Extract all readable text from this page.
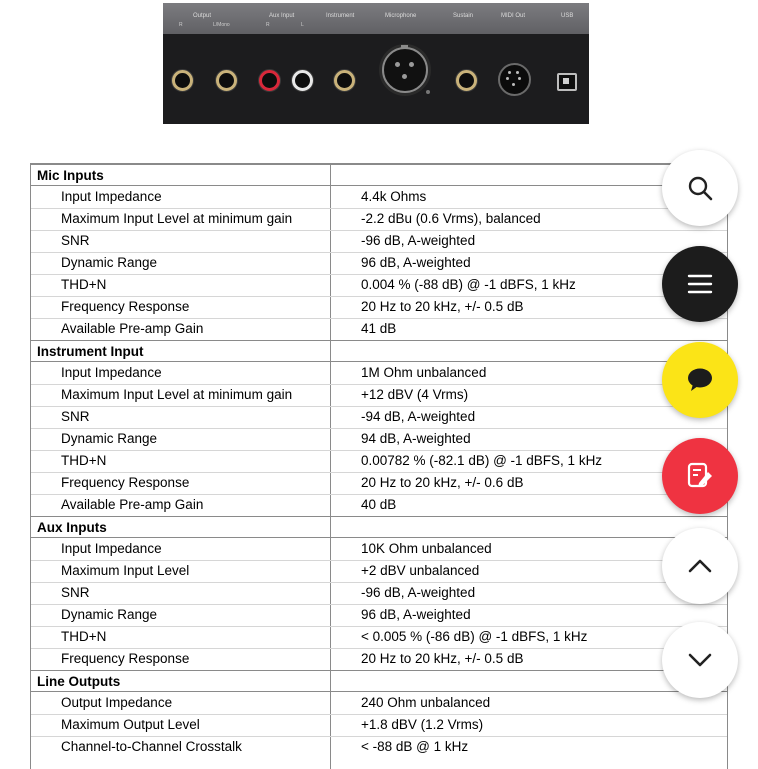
Output
R	L/Mono
Aux Input
R	L
Instrument	Microphone	Sustain	MIDI Out	USB
Mic Inputs
Input Impedance	4.4k Ohms
Maximum Input Level at minimum gain	-2.2 dBu (0.6 Vrms), balanced
SNR	-96 dB, A-weighted
Dynamic Range	96 dB, A-weighted
THD+N	0.004 % (-88 dB) @ -1 dBFS, 1 kHz
Frequency Response	20 Hz to 20 kHz, +/- 0.5 dB
Available Pre-amp Gain	41 dB
Instrument Input
Input Impedance	1M Ohm unbalanced
Maximum Input Level at minimum gain	+12 dBV (4 Vrms)
SNR	-94 dB, A-weighted
Dynamic Range	94 dB, A-weighted
THD+N	0.00782 % (-82.1 dB) @ -1 dBFS, 1 kHz
Frequency Response	20 Hz to 20 kHz, +/- 0.6 dB
Available Pre-amp Gain	40 dB
Aux Inputs
Input Impedance	10K Ohm unbalanced
Maximum Input Level	+2 dBV unbalanced
SNR	-96 dB, A-weighted
Dynamic Range	96 dB, A-weighted
THD+N	< 0.005 % (-86 dB) @ -1 dBFS, 1 kHz
Frequency Response	20 Hz to 20 kHz, +/- 0.5 dB
Line Outputs
Output Impedance	240 Ohm unbalanced
Maximum Output Level	+1.8 dBV (1.2 Vrms)
Channel-to-Channel Crosstalk	< -88 dB @ 1 kHz
